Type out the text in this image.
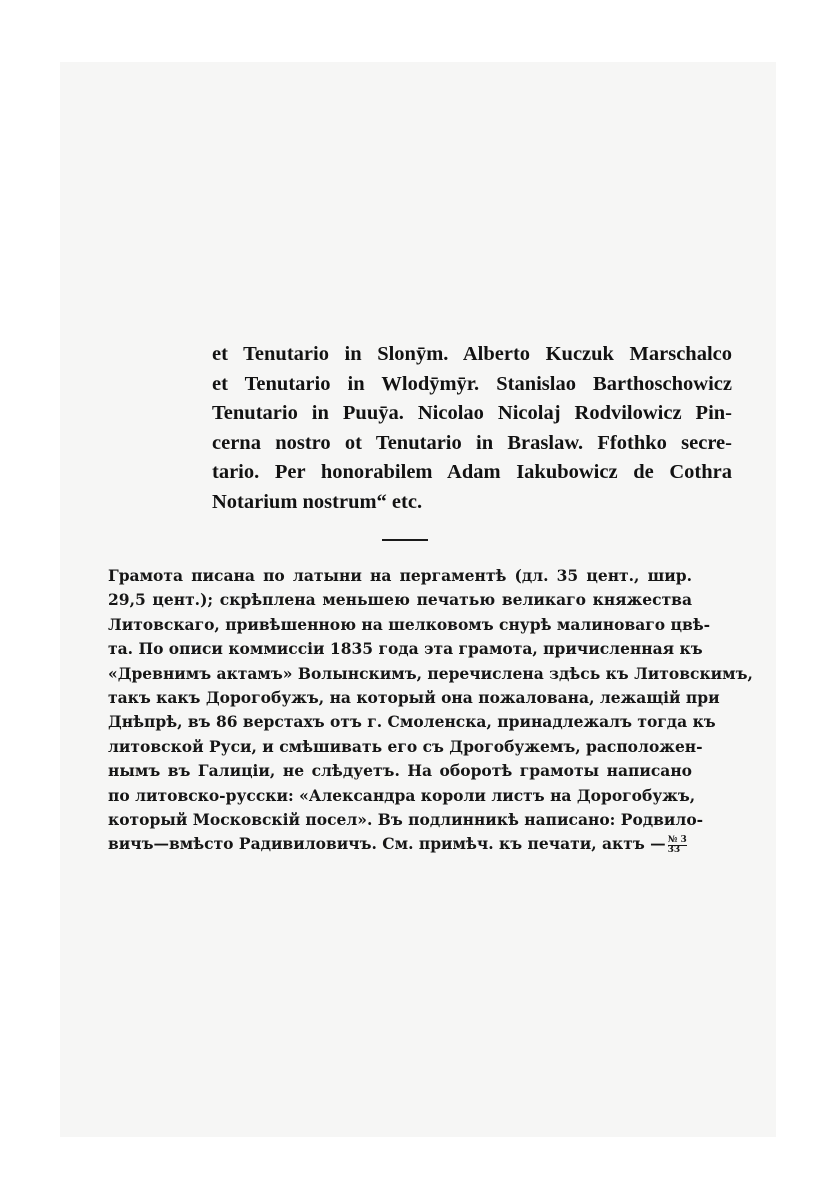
et Tenutario in Slonӯm. Alberto Kuczuk Marschalco
et Tenutario in Wlodӯmӯr. Stanislao Barthoschowicz
Tenutario in Puuӯa. Nicolao Nicolaj Rodvilowicz Pin-
cerna nostro ot Tenutario in Braslaw. Ffothko secre-
tario. Per honorabilem Adam Iakubowicz de Cothra
Notarium nostrum“ etc.
Грамота писана по латыни на пергаментѣ (дл. 35 цент., шир.
29,5 цент.); скрѣплена меньшею печатью великаго княжества
Литовскаго, привѣшенною на шелковомъ снурѣ малиноваго цвѣ-
та. По описи коммиссіи 1835 года эта грамота, причисленная къ
«Древнимъ актамъ» Волынскимъ, перечислена здѣсь къ Литовскимъ,
такъ какъ Дорогобужъ, на который она пожалована, лежащій при
Днѣпрѣ, въ 86 верстахъ отъ г. Смоленска, принадлежалъ тогда къ
литовской Руси, и смѣшивать его съ Дрогобужемъ, расположен-
нымъ въ Галиціи, не слѣдуетъ. На оборотѣ грамоты написано
по литовско-русски: «Александра короли листъ на Дорогобужъ,
который Московскій посел». Въ подлинникѣ написано: Родвило-
вичъ—вмѣсто Радивиловичъ. См. примѣч. къ печати, актъ — $\frac{№ 3}{33}$
